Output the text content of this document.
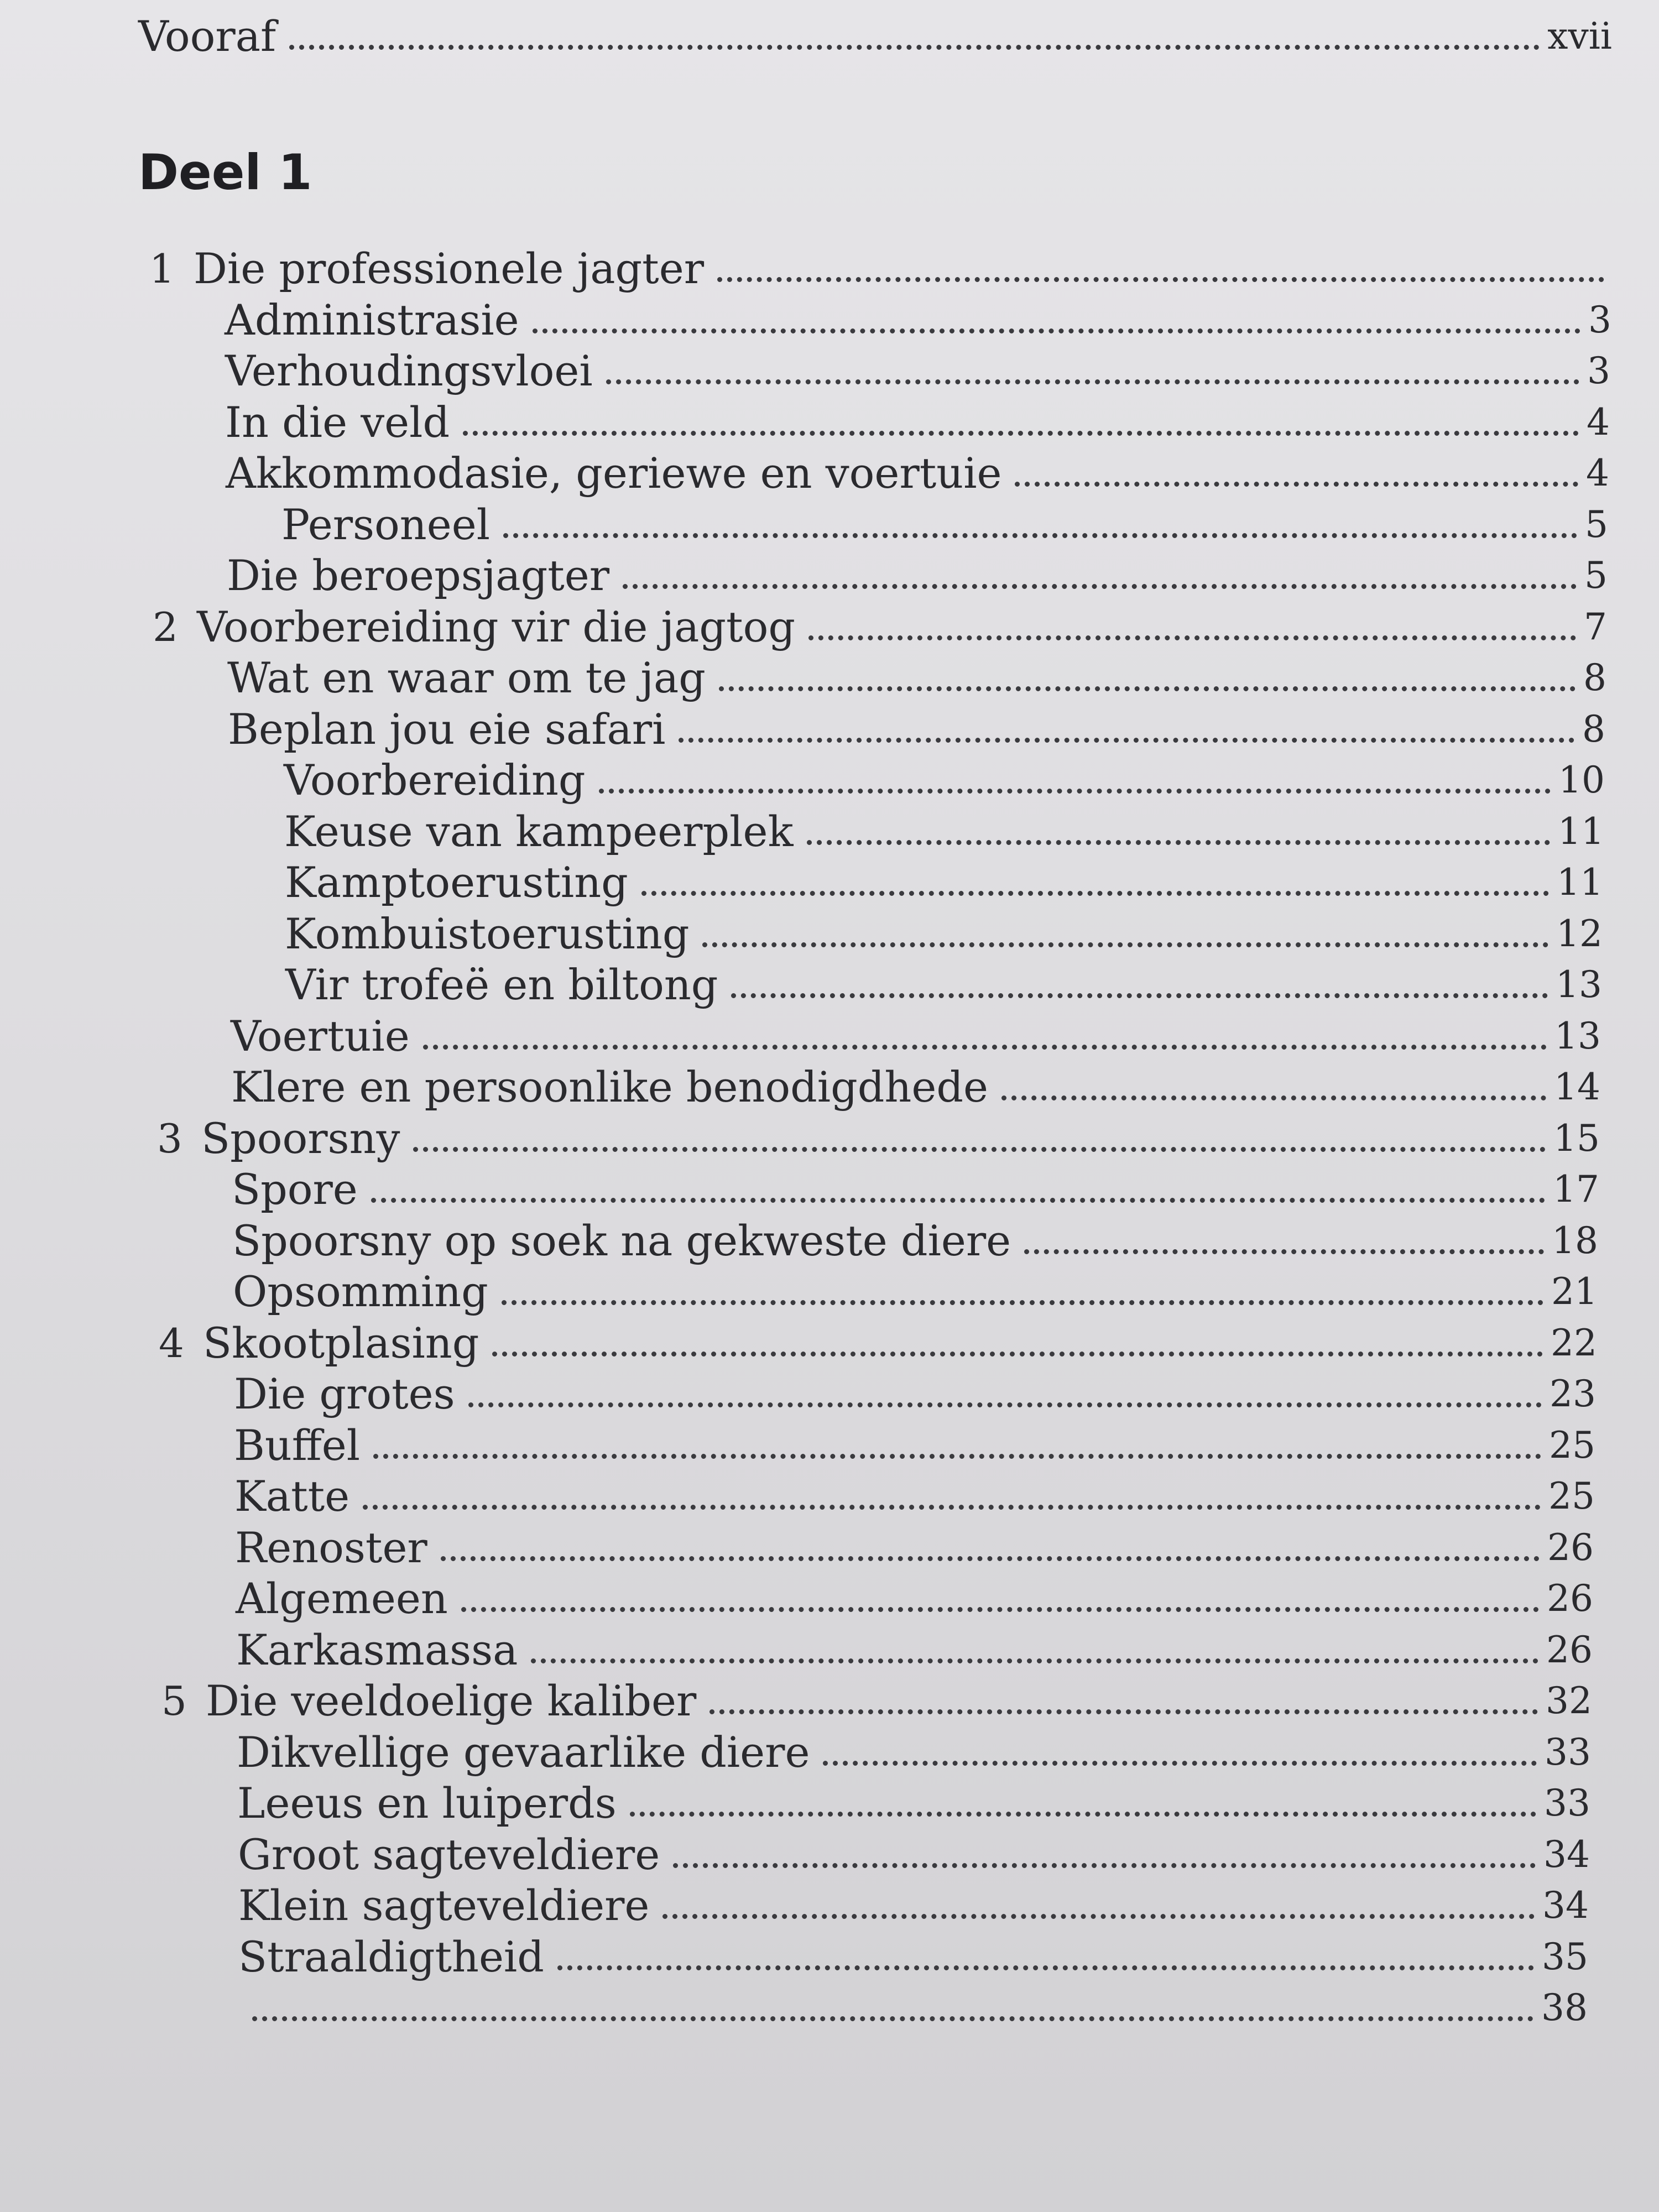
Vooraf	xvii
Deel 1
1 Die professionele jagter
Administrasie	3
Verhoudingsvloei	3
In die veld	4
Akkommodasie, geriewe en voertuie	4
Personeel	5
Die beroepsjagter	5
2 Voorbereiding vir die jagtog	7
Wat en waar om te jag	8
Beplan jou eie safari	8
Voorbereiding	10
Keuse van kampeerplek	11
Kamptoerusting	11
Kombuistoerusting	12
Vir trofeë en biltong	13
Voertuie	13
Klere en persoonlike benodigdhede	14
3 Spoorsny	15
Spore	17
Spoorsny op soek na gekweste diere	18
Opsomming	21
4 Skootplasing	22
Die grotes	23
Buffel	25
Katte	25
Renoster	26
Algemeen	26
Karkasmassa	26
5 Die veeldoelige kaliber	32
Dikvellige gevaarlike diere	33
Leeus en luiperds	33
Groot sagteveldiere	34
Klein sagteveldiere	34
Straaldigtheid	35
38
